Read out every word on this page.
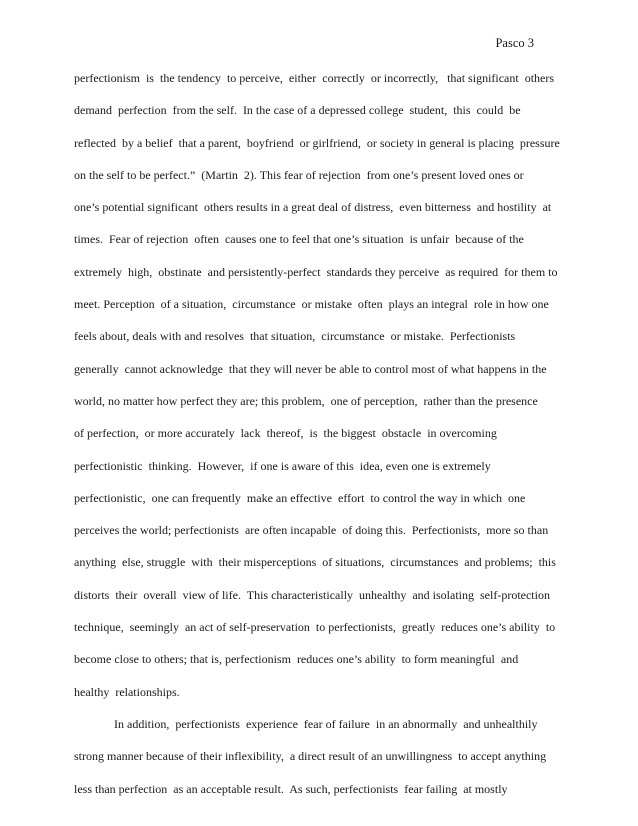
Pasco 3
perfectionism  is  the tendency  to perceive,  either  correctly  or incorrectly,   that significant  others
demand  perfection  from the self.  In the case of a depressed college  student,  this  could  be
reflected  by a belief  that a parent,  boyfriend  or girlfriend,  or society in general is placing  pressure
on the self to be perfect.”  (Martin  2). This fear of rejection  from one’s present loved ones or
one’s potential significant  others results in a great deal of distress,  even bitterness  and hostility  at
times.  Fear of rejection  often  causes one to feel that one’s situation  is unfair  because of the
extremely  high,  obstinate  and persistently-perfect  standards they perceive  as required  for them to
meet. Perception  of a situation,  circumstance  or mistake  often  plays an integral  role in how one
feels about, deals with and resolves  that situation,  circumstance  or mistake.  Perfectionists
generally  cannot acknowledge  that they will never be able to control most of what happens in the
world, no matter how perfect they are; this problem,  one of perception,  rather than the presence
of perfection,  or more accurately  lack  thereof,  is  the biggest  obstacle  in overcoming
perfectionistic  thinking.  However,  if one is aware of this  idea, even one is extremely
perfectionistic,  one can frequently  make an effective  effort  to control the way in which  one
perceives the world; perfectionists  are often incapable  of doing this.  Perfectionists,  more so than
anything  else, struggle  with  their misperceptions  of situations,  circumstances  and problems;  this
distorts  their  overall  view of life.  This characteristically  unhealthy  and isolating  self-protection
technique,  seemingly  an act of self-preservation  to perfectionists,  greatly  reduces one’s ability  to
become close to others; that is, perfectionism  reduces one’s ability  to form meaningful  and
healthy  relationships.
In addition,  perfectionists  experience  fear of failure  in an abnormally  and unhealthily
strong manner because of their inflexibility,  a direct result of an unwillingness  to accept anything
less than perfection  as an acceptable result.  As such, perfectionists  fear failing  at mostly
